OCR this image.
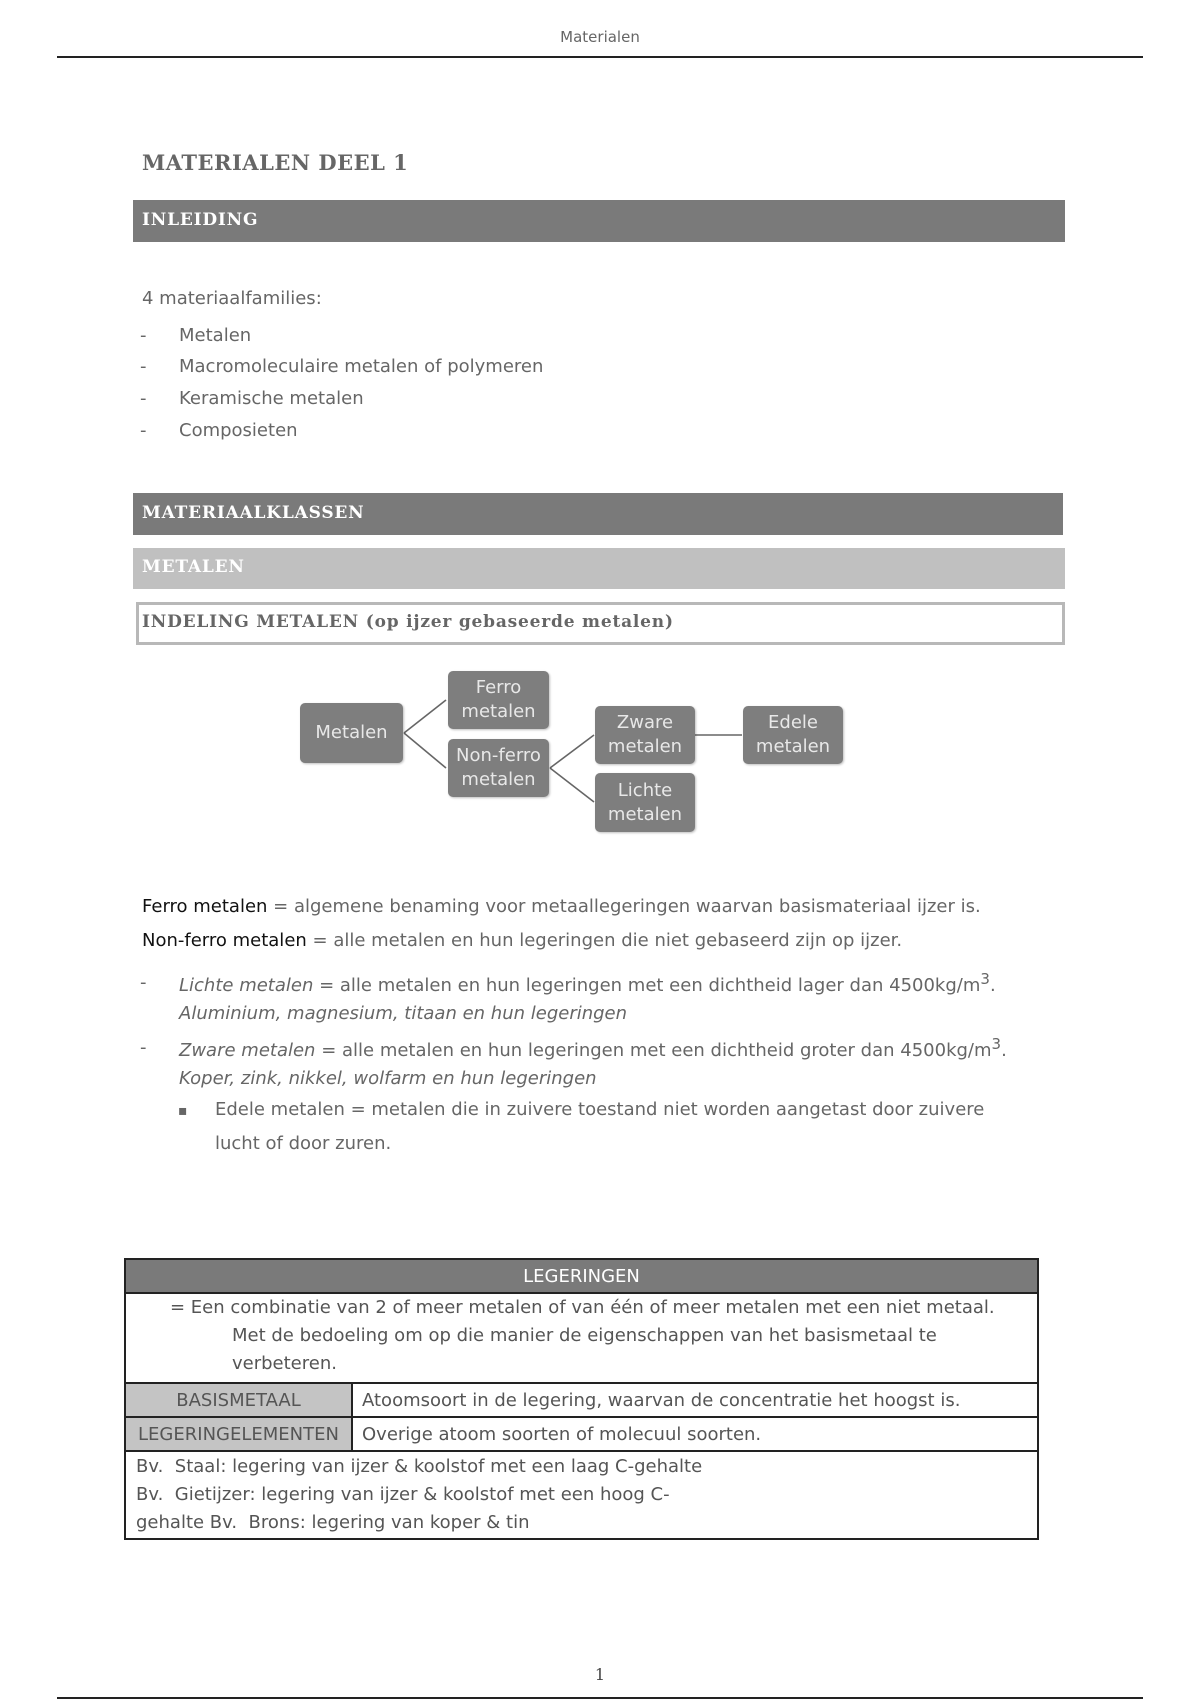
Materialen
MATERIALEN DEEL 1
INLEIDING
4 materiaalfamilies:
- Metalen
- Macromoleculaire metalen of polymeren
- Keramische metalen
- Composieten
MATERIAALKLASSEN
METALEN
INDELING METALEN (op ijzer gebaseerde metalen)
Metalen
Ferro
metalen
Non-ferro
metalen
Zware
metalen
Lichte
metalen
Edele
metalen
Ferro metalen = algemene benaming voor metaallegeringen waarvan basismateriaal ijzer is.
Non-ferro metalen = alle metalen en hun legeringen die niet gebaseerd zijn op ijzer.
- Lichte metalen = alle metalen en hun legeringen met een dichtheid lager dan $4500kg/m^3$.
Aluminium, magnesium, titaan en hun legeringen
- Zware metalen = alle metalen en hun legeringen met een dichtheid groter dan $4500kg/m^3$.
Koper, zink, nikkel, wolfarm en hun legeringen
▪ Edele metalen = metalen die in zuivere toestand niet worden aangetast door zuivere
lucht of door zuren.
LEGERINGEN	

= Een combinatie van 2 of meer metalen of van één of meer metalen met een niet metaal.
Met de bedoeling om op die manier de eigenschappen van het basismetaal te
verbeteren.	

BASISMETAAL	Atoomsoort in de legering, waarvan de concentratie het hoogst is.
LEGERINGELEMENTEN	Overige atoom soorten of molecuul soorten.

Bv.  Staal: legering van ijzer & koolstof met een laag C-gehalte
Bv.  Gietijzer: legering van ijzer & koolstof met een hoog C-
gehalte Bv.  Brons: legering van koper & tin	
1
